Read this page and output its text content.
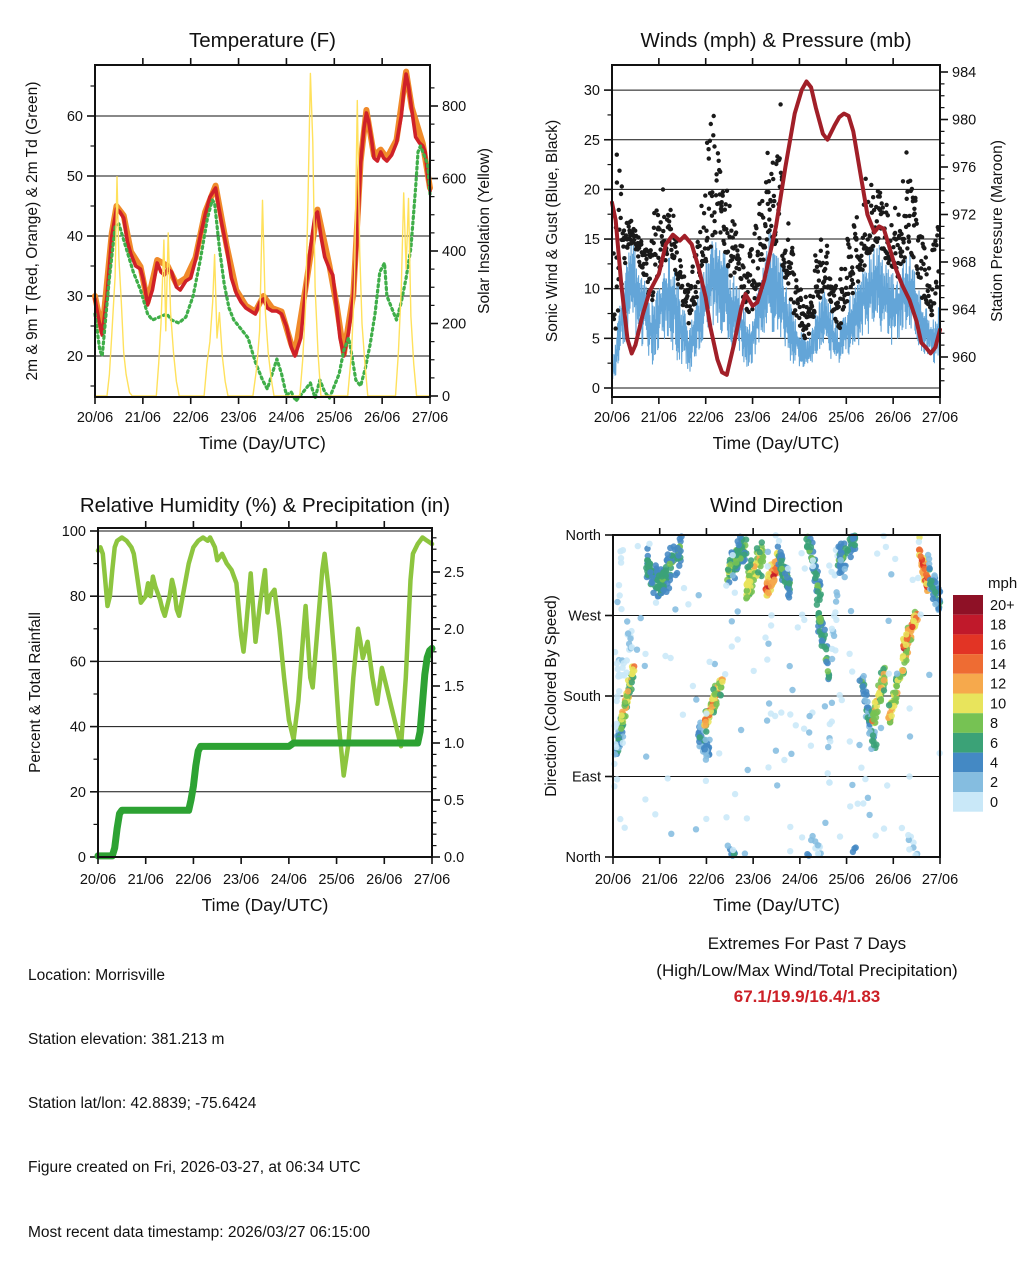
Temperature (F)
20
30
40
50
60
0
200
400
600
800
20/06 21/06 22/06 23/06 24/06 25/06 26/06 27/06
Time (Day/UTC)
2m & 9m T (Red, Orange) & 2m Td (Green)	Solar Insolation (Yellow)
Winds (mph) & Pressure (mb)
0
5
10
15
20
25
30
960
964
968
972
976
980
984
20/06 21/06 22/06 23/06 24/06 25/06 26/06 27/06
Time (Day/UTC)
Sonic Wind & Gust (Blue, Black)	Station Pressure (Maroon)
Relative Humidity (%) & Precipitation (in)
0
20
40
60
80
100
0.0
0.5
1.0
1.5
2.0
2.5
20/06 21/06 22/06 23/06 24/06 25/06 26/06 27/06
Time (Day/UTC)
Percent & Total Rainfall
Wind Direction
North
West
South
East
North
20/06 21/06 22/06 23/06 24/06 25/06 26/06 27/06
Time (Day/UTC)
Direction (Colored By Speed)
mph
20+
18
16
14
12
10
8
6
4
2
0

Location: Morrisville

Station elevation: 381.213 m

Station lat/lon: 42.8839; -75.6424

Figure created on Fri, 2026-03-27, at 06:34 UTC

Most recent data timestamp: 2026/03/27 06:15:00

Extremes For Past 7 Days
(High/Low/Max Wind/Total Precipitation)
67.1/19.9/16.4/1.83
